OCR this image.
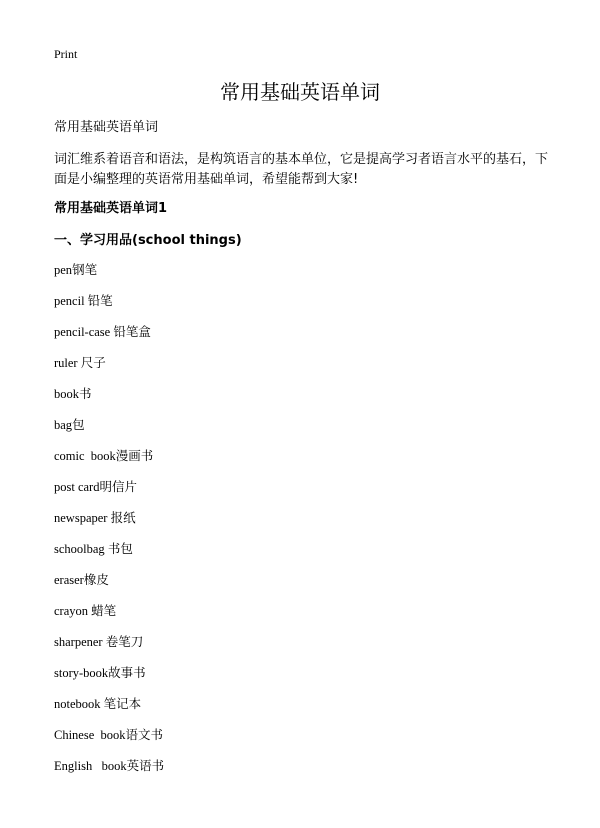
Print
常用基础英语单词
常用基础英语单词
词汇维系着语音和语法，是构筑语言的基本单位，它是提高学习者语言水平的基石，下面是小编整理的英语常用基础单词，希望能帮到大家!
常用基础英语单词1
一、学习用品(school things)
pen钢笔
pencil 铅笔
pencil-case 铅笔盒
ruler 尺子
book书
bag包
comic  book漫画书
post card明信片
newspaper 报纸
schoolbag 书包
eraser橡皮
crayon 蜡笔
sharpener 卷笔刀
story-book故事书
notebook 笔记本
Chinese  book语文书
English   book英语书
